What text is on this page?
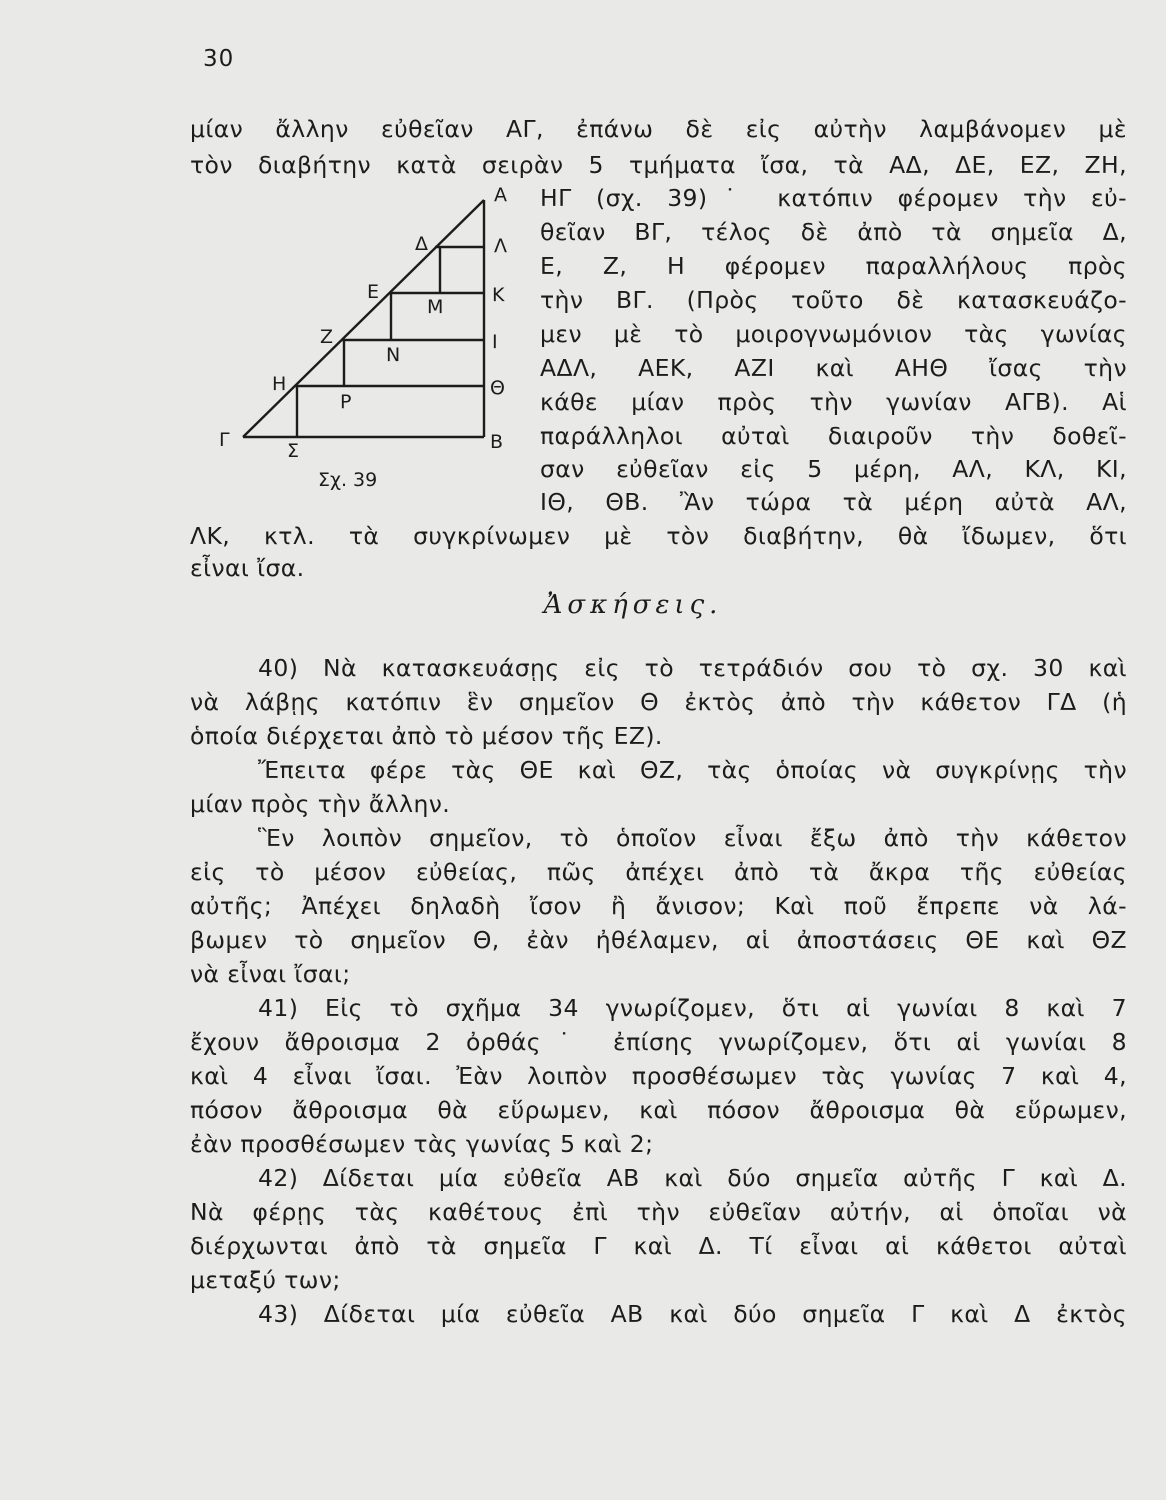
30
μίαν ἄλλην εὐθεῖαν ΑΓ, ἐπάνω δὲ εἰς αὐτὴν λαμβάνομεν μὲ
τὸν διαβήτην κατὰ σειρὰν 5 τμήματα ἴσα, τὰ ΑΔ, ΔΕ, ΕΖ, ΖΗ,
ΗΓ (σχ. 39)˙ κατόπιν φέρομεν τὴν εὐ-
θεῖαν ΒΓ, τέλος δὲ ἀπὸ τὰ σημεῖα Δ,
Ε, Ζ, Η φέρομεν παραλλήλους πρὸς
τὴν ΒΓ. (Πρὸς τοῦτο δὲ κατασκευάζο-
μεν μὲ τὸ μοιρογνωμόνιον τὰς γωνίας
ΑΔΛ, ΑΕΚ, ΑΖΙ καὶ ΑΗΘ ἴσας τὴν
κάθε μίαν πρὸς τὴν γωνίαν ΑΓΒ). Αἱ
παράλληλοι αὐταὶ διαιροῦν τὴν δοθεῖ-
σαν εὐθεῖαν εἰς 5 μέρη, ΑΛ, ΚΛ, ΚΙ,
ΙΘ, ΘΒ. Ἂν τώρα τὰ μέρη αὐτὰ ΑΛ,
ΛΚ, κτλ. τὰ συγκρίνωμεν μὲ τὸν διαβήτην, θὰ ἴδωμεν, ὅτι
εἶναι ἴσα.
Ἀσκήσεις.
40) Νὰ κατασκευάσῃς εἰς τὸ τετράδιόν σου τὸ σχ. 30 καὶ
νὰ λάβῃς κατόπιν ἓν σημεῖον Θ ἐκτὸς ἀπὸ τὴν κάθετον ΓΔ (ἡ
ὁποία διέρχεται ἀπὸ τὸ μέσον τῆς ΕΖ).
Ἔπειτα φέρε τὰς ΘΕ καὶ ΘΖ, τὰς ὁποίας νὰ συγκρίνῃς τὴν
μίαν πρὸς τὴν ἄλλην.
Ἓν λοιπὸν σημεῖον, τὸ ὁποῖον εἶναι ἔξω ἀπὸ τὴν κάθετον
εἰς τὸ μέσον εὐθείας, πῶς ἀπέχει ἀπὸ τὰ ἄκρα τῆς εὐθείας
αὐτῆς; Ἀπέχει δηλαδὴ ἴσον ἢ ἄνισον; Καὶ ποῦ ἔπρεπε νὰ λά-
βωμεν τὸ σημεῖον Θ, ἐὰν ἠθέλαμεν, αἱ ἀποστάσεις ΘΕ καὶ ΘΖ
νὰ εἶναι ἴσαι;
41) Εἰς τὸ σχῆμα 34 γνωρίζομεν, ὅτι αἱ γωνίαι 8 καὶ 7
ἔχουν ἄθροισμα 2 ὀρθάς˙ ἐπίσης γνωρίζομεν, ὅτι αἱ γωνίαι 8
καὶ 4 εἶναι ἴσαι. Ἐὰν λοιπὸν προσθέσωμεν τὰς γωνίας 7 καὶ 4,
πόσον ἄθροισμα θὰ εὕρωμεν, καὶ πόσον ἄθροισμα θὰ εὕρωμεν,
ἐὰν προσθέσωμεν τὰς γωνίας 5 καὶ 2;
42) Δίδεται μία εὐθεῖα ΑΒ καὶ δύο σημεῖα αὐτῆς Γ καὶ Δ.
Νὰ φέρῃς τὰς καθέτους ἐπὶ τὴν εὐθεῖαν αὐτήν, αἱ ὁποῖαι νὰ
διέρχωνται ἀπὸ τὰ σημεῖα Γ καὶ Δ. Τί εἶναι αἱ κάθετοι αὐταὶ
μεταξύ των;
43) Δίδεται μία εὐθεῖα ΑΒ καὶ δύο σημεῖα Γ καὶ Δ ἐκτὸς
Α
Λ
Κ
Ι
Θ
Β
Δ
Ε
Ζ
Η
Γ
Μ
Ν
Ρ
Σ
Σχ. 39
